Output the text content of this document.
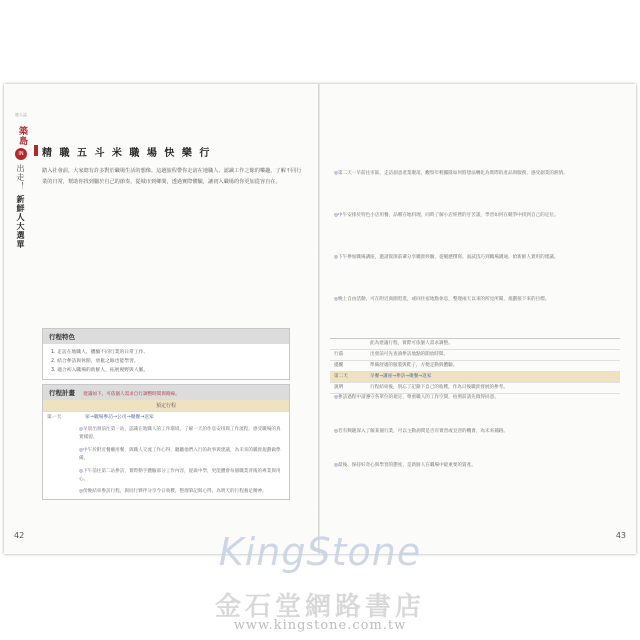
旅人誌
築島
IN
出走！
新鮮人大選單
精 職 五 斗 米 職 場 快 樂 行
踏入社會前，大家總有許多對於職場生活的想像。這趟旅程帶你走訪在地職人、認識工作之餘的樂趣，了解不同行業的日常，幫助你找到屬於自己的節奏。從城市到鄉間，透過實際體驗，讓初入職場的你更加從容自在。
行程特色
1. 走訪在地職人，體驗不同行業的日常工作。
2. 結合參訪與休閒，放鬆之餘也能學習。
3. 適合初入職場的新鮮人，拓展視野與人脈。
行程計畫 建議如下，可依個人需求自行調整時間與路線。
預定行程
第一天	家→職場參訪→公司→聚餐→返家
◎早晨出發前往第一站，認識在地職人的工作環境，了解一天的作息安排與工作流程，感受職場的真實樣貌。
◎中午於附近餐廳用餐，與職人交流工作心得，聽聽他們入行的故事與建議，為未來的職涯規劃做準備。
◎下午前往第二站參訪，實際動手體驗部分工作內容，從做中學，更能體會每個職業背後的專業與用心。
◎傍晚結束參訪行程，與同行夥伴分享今日收穫，整理筆記與心得，為明天的行程養足精神。
42
◎第二天一早前往市區，走訪創意產業聚落，觀察年輕團隊如何將想法轉化為實際的產品與服務，感受創業的熱情。
◎中午安排於特色小店用餐，品嚐在地料理，同時了解小店經營的甘苦談，學習如何在競爭中找到自己的定位。
◎下午參加職場講座，邀請資深前輩分享職涯經驗，從履歷撰寫、面試技巧到職場溝通，給新鮮人實用的建議。
◎晚上自由活動，可在附近商圈逛逛，或回住宿地點休息，整理兩天以來的所見所聞，規劃接下來的目標。
此為建議行程，實際可依個人需求調整。
行前	出發前可先查詢參訪地點的開放時間。
提醒	準備舒適的服裝與鞋子，方便走動與體驗。
第二天	早餐→講座→參訪→聚餐→返家
說明	行程結束後，別忘了記錄下自己的收穫，作為日後職涯發展的參考。
◎參訪過程中請遵守各單位的規定，尊重職人的工作空間，拍照前請先徵得同意。
◎若有興趣深入了解某個行業，可以主動詢問是否有實習或見習的機會，為未來鋪路。
◎最後，保持好奇心與學習的態度，是新鮮人在職場中最重要的資產。
43
KingStone
金石堂網路書店
www.kingstone.com.tw
